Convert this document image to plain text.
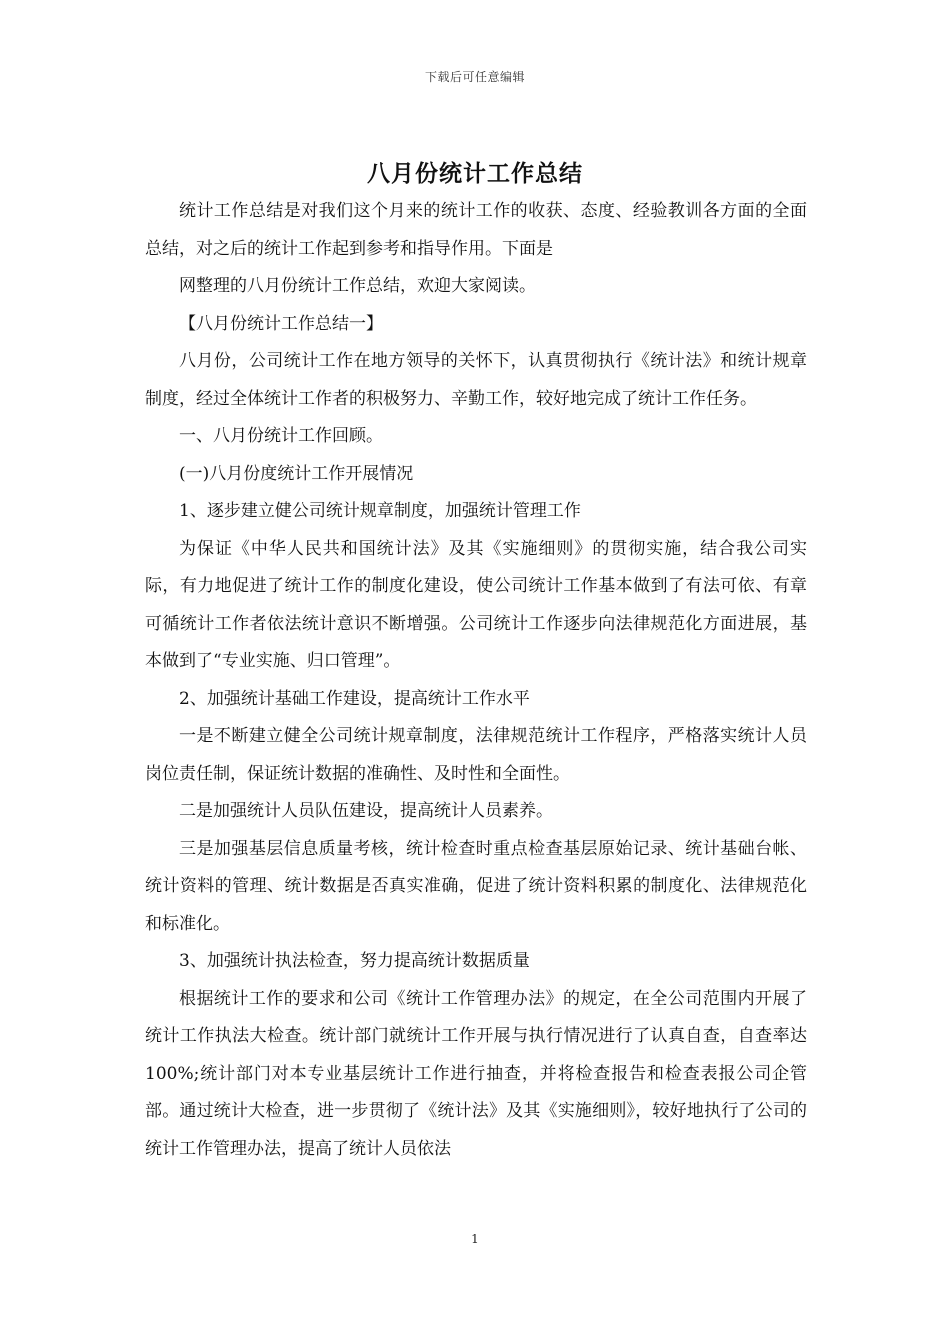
下载后可任意编辑
八月份统计工作总结

统计工作总结是对我们这个月来的统计工作的收获、态度、经验教训各方面的全面总结，对之后的统计工作起到参考和指导作用。下面是

网整理的八月份统计工作总结，欢迎大家阅读。

【八月份统计工作总结一】

八月份，公司统计工作在地方领导的关怀下，认真贯彻执行《统计法》和统计规章制度，经过全体统计工作者的积极努力、辛勤工作，较好地完成了统计工作任务。

一、八月份统计工作回顾。

(一)八月份度统计工作开展情况

1、逐步建立健公司统计规章制度，加强统计管理工作

为保证《中华人民共和国统计法》及其《实施细则》的贯彻实施，结合我公司实际，有力地促进了统计工作的制度化建设，使公司统计工作基本做到了有法可依、有章可循统计工作者依法统计意识不断增强。公司统计工作逐步向法律规范化方面进展，基本做到了“专业实施、归口管理”。

2、加强统计基础工作建设，提高统计工作水平

一是不断建立健全公司统计规章制度，法律规范统计工作程序，严格落实统计人员岗位责任制，保证统计数据的准确性、及时性和全面性。

二是加强统计人员队伍建设，提高统计人员素养。

三是加强基层信息质量考核，统计检查时重点检查基层原始记录、统计基础台帐、统计资料的管理、统计数据是否真实准确，促进了统计资料积累的制度化、法律规范化和标准化。

3、加强统计执法检查，努力提高统计数据质量

根据统计工作的要求和公司《统计工作管理办法》的规定，在全公司范围内开展了统计工作执法大检查。统计部门就统计工作开展与执行情况进行了认真自查，自查率达100%;统计部门对本专业基层统计工作进行抽查，并将检查报告和检查表报公司企管部。通过统计大检查，进一步贯彻了《统计法》及其《实施细则》，较好地执行了公司的统计工作管理办法，提高了统计人员依法

1
